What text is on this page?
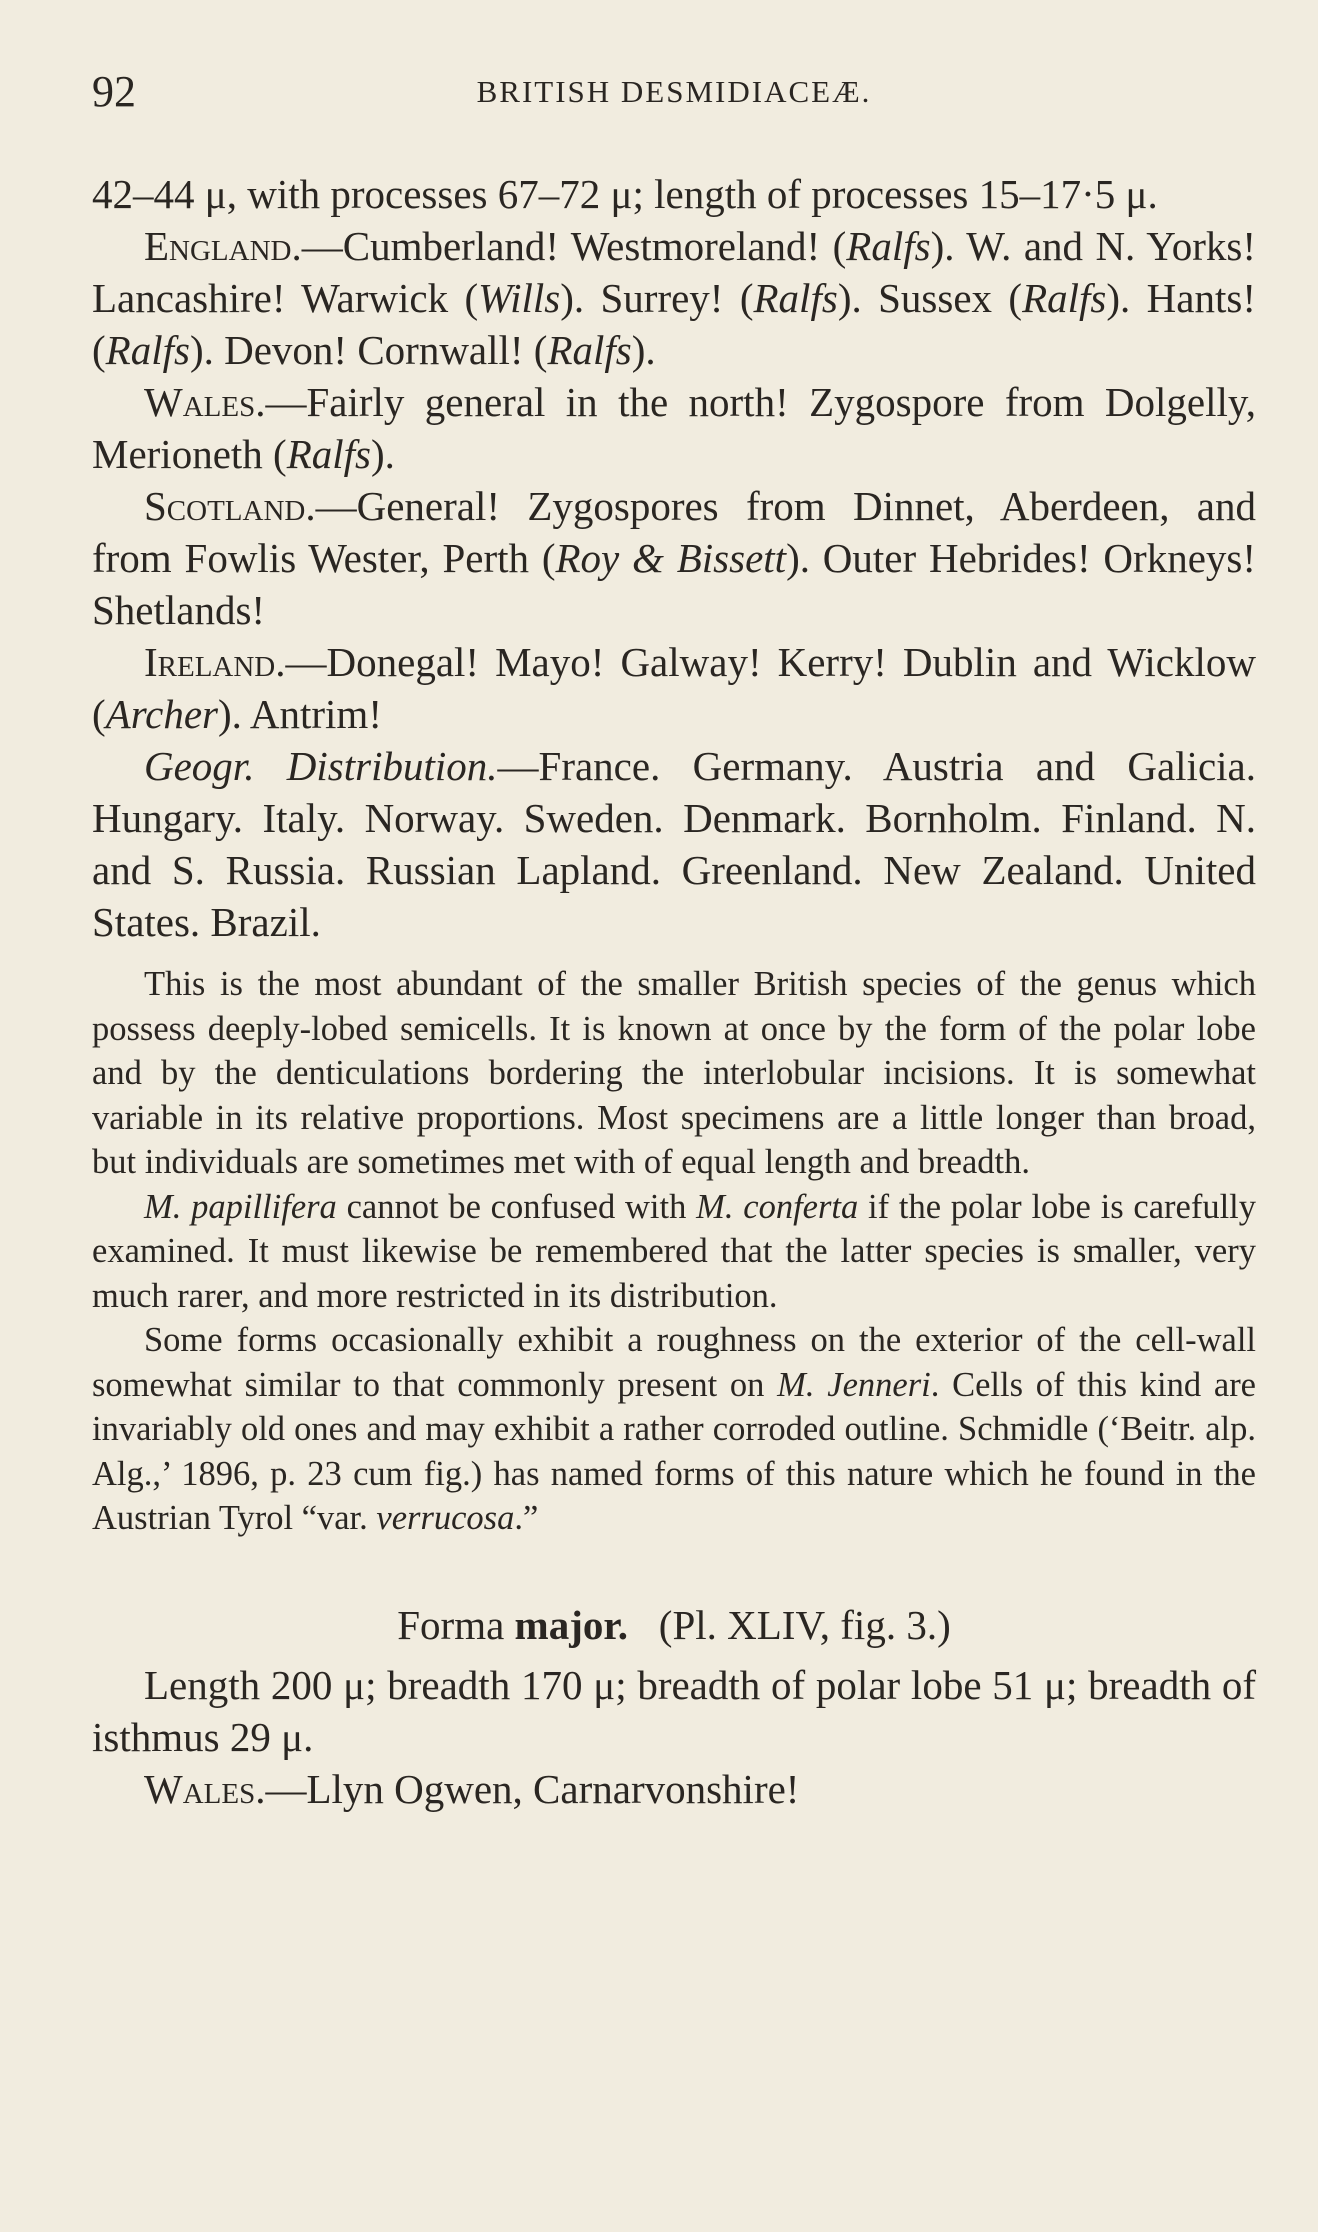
92	BRITISH DESMIDIACEÆ.

42–44 μ, with processes 67–72 μ; length of processes 15–17·5 μ.

England.—Cumberland! Westmoreland! (Ralfs). W. and N. Yorks! Lancashire! Warwick (Wills). Surrey! (Ralfs). Sussex (Ralfs). Hants! (Ralfs). Devon! Cornwall! (Ralfs).

Wales.—Fairly general in the north! Zygospore from Dolgelly, Merioneth (Ralfs).

Scotland.—General! Zygospores from Dinnet, Aberdeen, and from Fowlis Wester, Perth (Roy & Bissett). Outer Hebrides! Orkneys! Shetlands!

Ireland.—Donegal! Mayo! Galway! Kerry! Dublin and Wicklow (Archer). Antrim!

Geogr. Distribution.—France. Germany. Austria and Galicia. Hungary. Italy. Norway. Sweden. Denmark. Bornholm. Finland. N. and S. Russia. Russian Lapland. Greenland. New Zealand. United States. Brazil.

This is the most abundant of the smaller British species of the genus which possess deeply-lobed semicells. It is known at once by the form of the polar lobe and by the denticulations bordering the interlobular incisions. It is somewhat variable in its relative proportions. Most specimens are a little longer than broad, but individuals are sometimes met with of equal length and breadth.

M. papillifera cannot be confused with M. conferta if the polar lobe is carefully examined. It must likewise be remembered that the latter species is smaller, very much rarer, and more restricted in its distribution.

Some forms occasionally exhibit a roughness on the exterior of the cell-wall somewhat similar to that commonly present on M. Jenneri. Cells of this kind are invariably old ones and may exhibit a rather corroded outline. Schmidle (‘Beitr. alp. Alg.,’ 1896, p. 23 cum fig.) has named forms of this nature which he found in the Austrian Tyrol “var. verrucosa.”

Forma major. (Pl. XLIV, fig. 3.)

Length 200 μ; breadth 170 μ; breadth of polar lobe 51 μ; breadth of isthmus 29 μ.

Wales.—Llyn Ogwen, Carnarvonshire!
